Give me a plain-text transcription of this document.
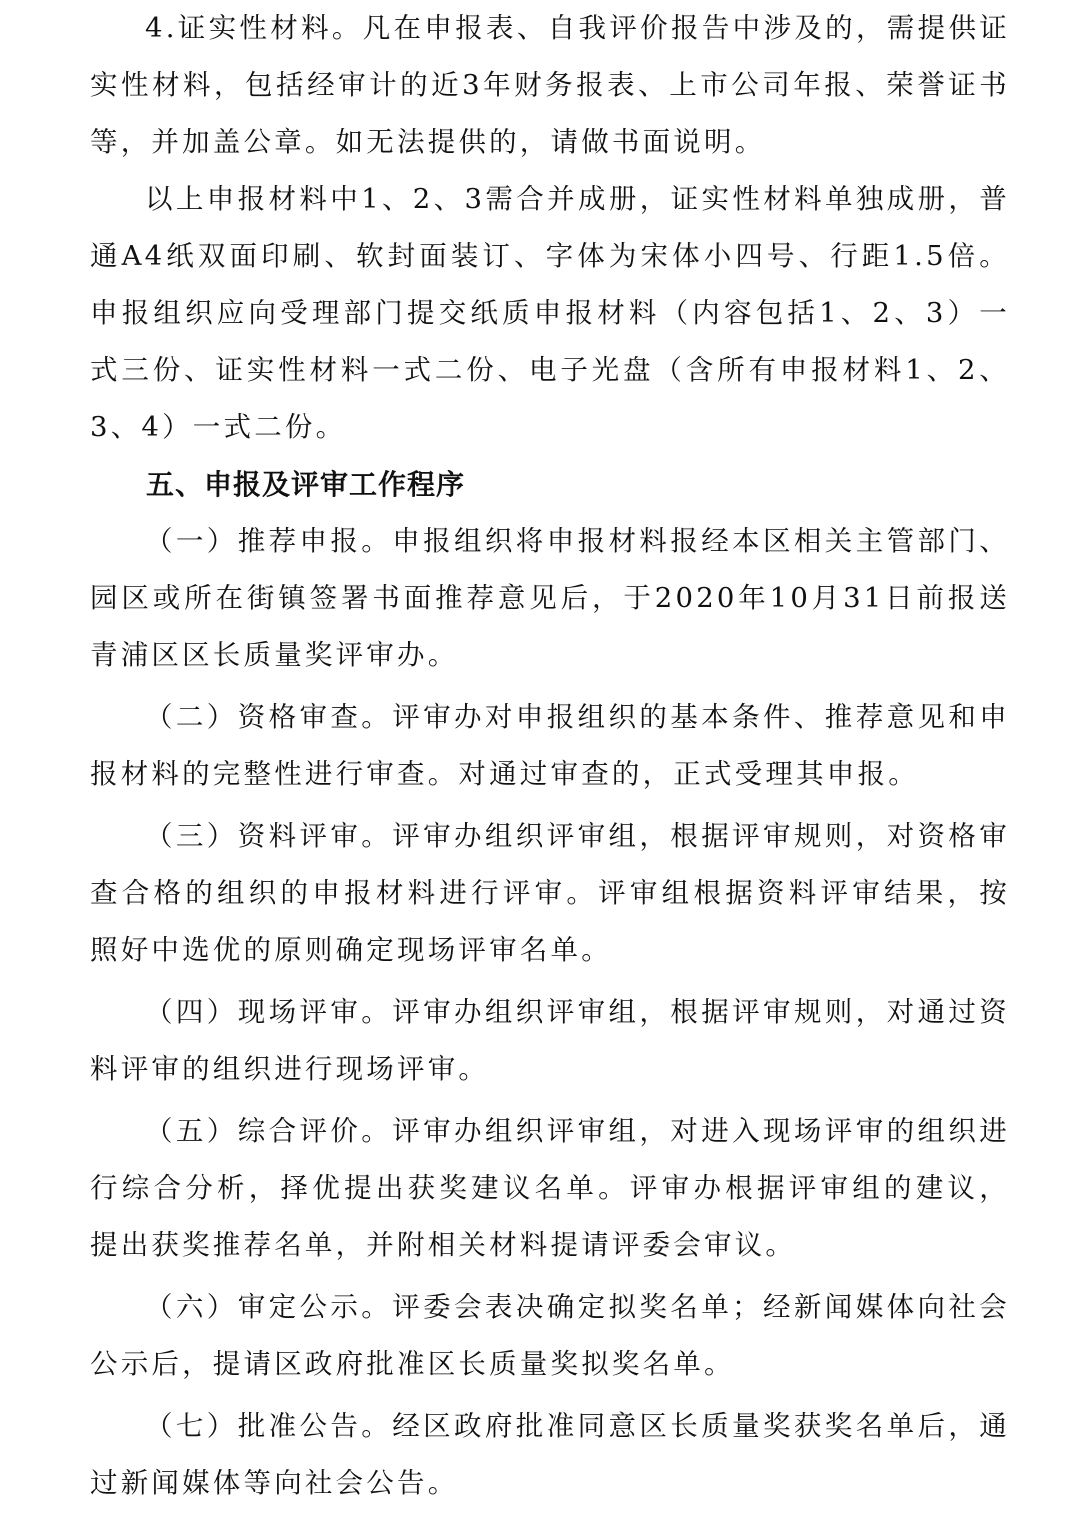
4.证实性材料。凡在申报表、自我评价报告中涉及的，需提供证实性材料，包括经审计的近3年财务报表、上市公司年报、荣誉证书等，并加盖公章。如无法提供的，请做书面说明。

以上申报材料中1、2、3需合并成册，证实性材料单独成册，普通A4纸双面印刷、软封面装订、字体为宋体小四号、行距1.5倍。申报组织应向受理部门提交纸质申报材料（内容包括1、2、3）一式三份、证实性材料一式二份、电子光盘（含所有申报材料1、2、3、4）一式二份。

五、申报及评审工作程序

（一）推荐申报。申报组织将申报材料报经本区相关主管部门、园区或所在街镇签署书面推荐意见后，于2020年10月31日前报送青浦区区长质量奖评审办。

（二）资格审查。评审办对申报组织的基本条件、推荐意见和申报材料的完整性进行审查。对通过审查的，正式受理其申报。

（三）资料评审。评审办组织评审组，根据评审规则，对资格审查合格的组织的申报材料进行评审。评审组根据资料评审结果，按照好中选优的原则确定现场评审名单。

（四）现场评审。评审办组织评审组，根据评审规则，对通过资料评审的组织进行现场评审。

（五）综合评价。评审办组织评审组，对进入现场评审的组织进行综合分析，择优提出获奖建议名单。评审办根据评审组的建议，提出获奖推荐名单，并附相关材料提请评委会审议。

（六）审定公示。评委会表决确定拟奖名单；经新闻媒体向社会公示后，提请区政府批准区长质量奖拟奖名单。

（七）批准公告。经区政府批准同意区长质量奖获奖名单后，通过新闻媒体等向社会公告。
